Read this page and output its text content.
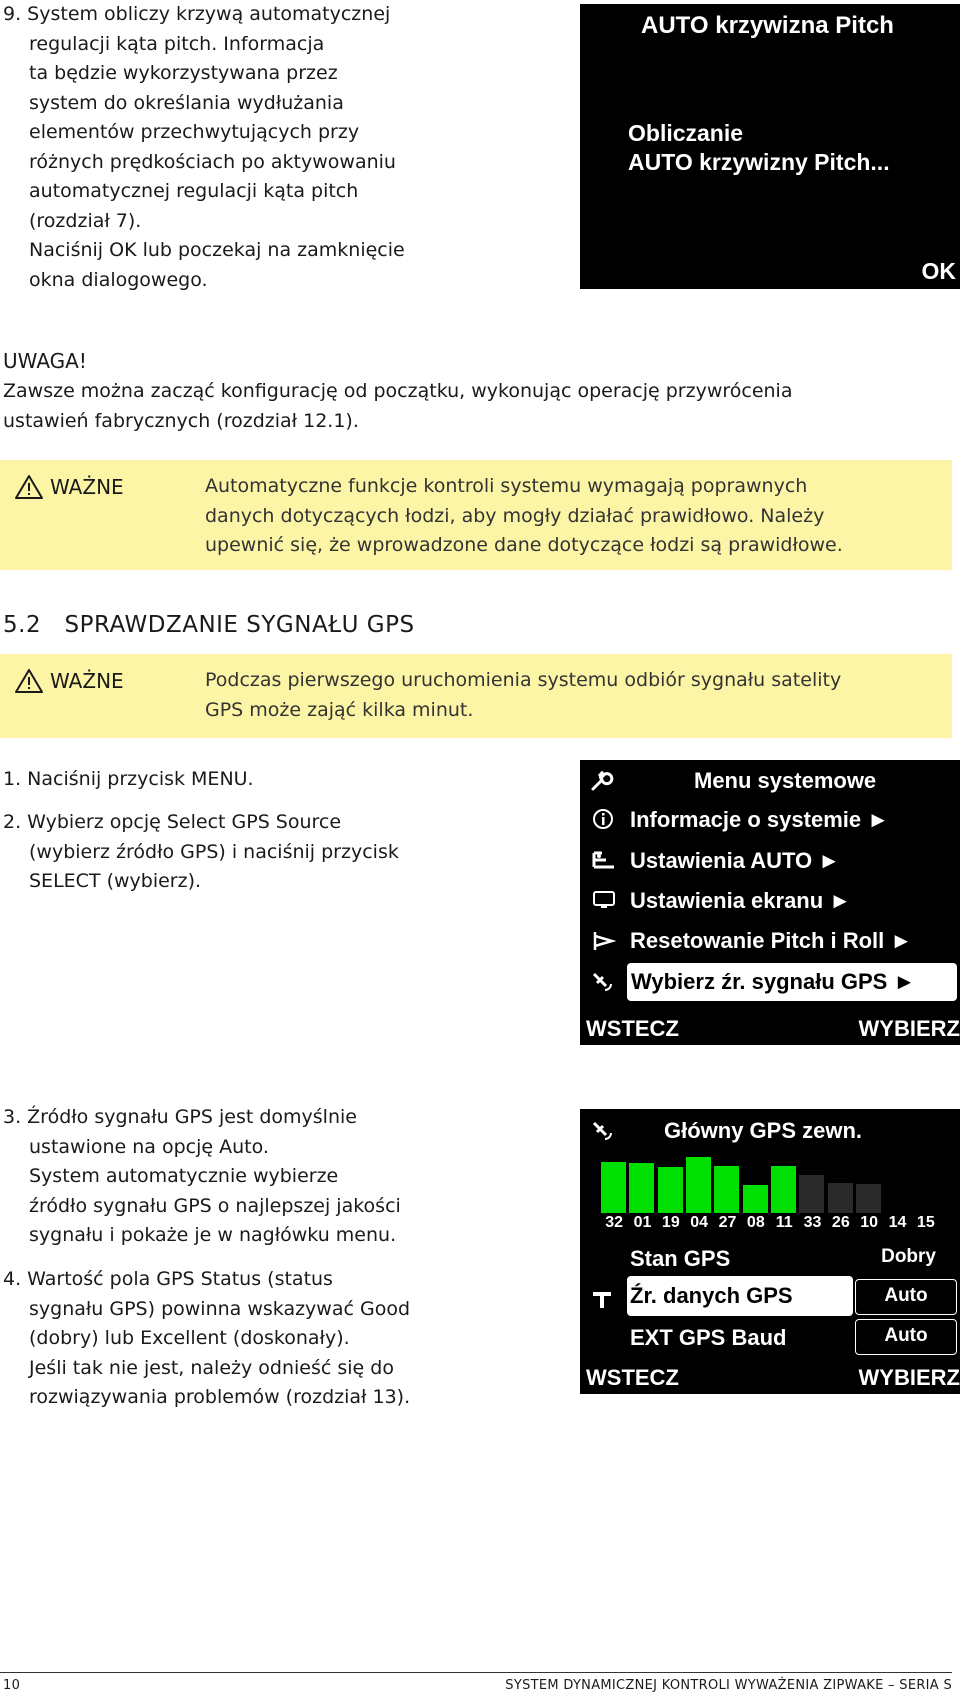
9. System obliczy krzywą automatycznej

regulacji kąta pitch. Informacja

ta będzie wykorzystywana przez

system do określania wydłużania

elementów przechwytujących przy

różnych prędkościach po aktywowaniu

automatycznej regulacji kąta pitch

(rozdział 7).

Naciśnij OK lub poczekaj na zamknięcie

okna dialogowego.

AUTO krzywizna Pitch
Obliczanie
AUTO krzywizny Pitch...
OK
UWAGA!

Zawsze można zacząć konfigurację od początku, wykonując operację przywrócenia

ustawień fabrycznych (rozdział 12.1).

WAŻNE	Automatyczne funkcje kontroli systemu wymagają poprawnych
danych dotyczących łodzi, aby mogły działać prawidłowo. Należy
upewnić się, że wprowadzone dane dotyczące łodzi są prawidłowe.
5.2   SPRAWDZANIE SYGNAŁU GPS
WAŻNE	Podczas pierwszego uruchomienia systemu odbiór sygnału satelity
GPS może zająć kilka minut.
1. Naciśnij przycisk MENU.

2. Wybierz opcję Select GPS Source

(wybierz źródło GPS) i naciśnij przycisk

SELECT (wybierz).

Menu systemowe
Informacje o systemie ►
Ustawienia AUTO ►
Ustawienia ekranu ►
Resetowanie Pitch i Roll ►
Wybierz źr. sygnału GPS ►
WSTECZ	WYBIERZ

3. Źródło sygnału GPS jest domyślnie

ustawione na opcję Auto.

System automatycznie wybierze

źródło sygnału GPS o najlepszej jakości

sygnału i pokaże je w nagłówku menu.

4. Wartość pola GPS Status (status

sygnału GPS) powinna wskazywać Good

(dobry) lub Excellent (doskonały).

Jeśli tak nie jest, należy odnieść się do

rozwiązywania problemów (rozdział 13).

Główny GPS zewn.
32 01 19 04 27 08 11 33 26 10 14 15
Stan GPS	Dobry
Źr. danych GPS	Auto
EXT GPS Baud	Auto
WSTECZ	WYBIERZ
10	SYSTEM DYNAMICZNEJ KONTROLI WYWAŻENIA ZIPWAKE – SERIA S
